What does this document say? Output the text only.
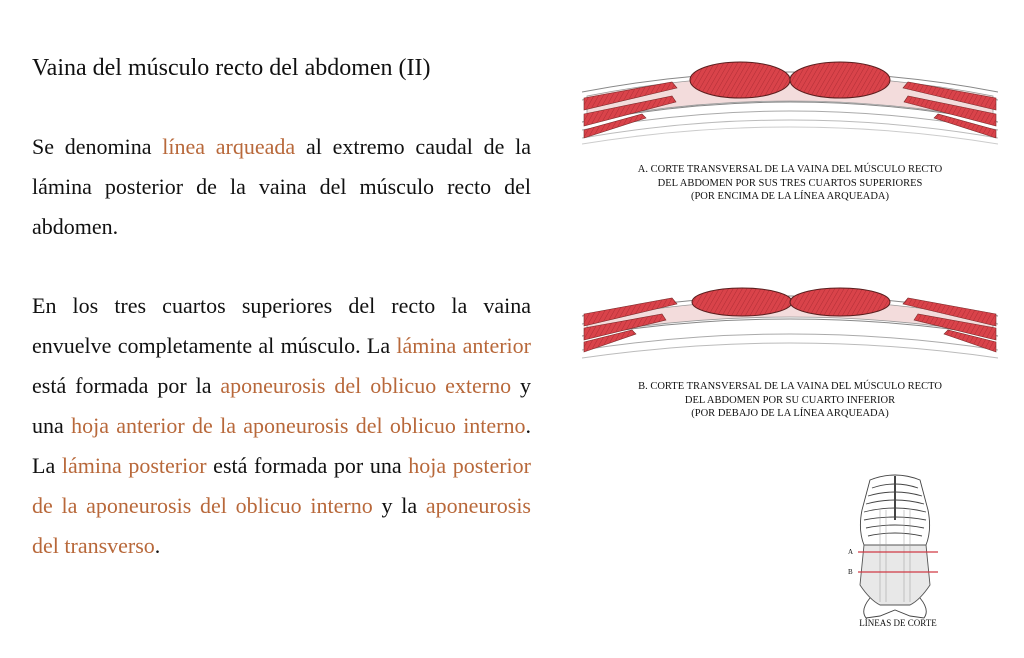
Vaina del músculo recto del abdomen (II)

Se denomina línea arqueada al extremo caudal de la lámina posterior de la vaina del músculo recto del abdomen.

En los tres cuartos superiores del recto la vaina envuelve completamente al músculo. La lámina anterior está formada por la aponeurosis del oblicuo externo y una hoja anterior de la aponeurosis del oblicuo interno. La lámina posterior está formada por una hoja posterior de la aponeurosis del oblicuo interno y la aponeurosis del transverso.

A. CORTE TRANSVERSAL DE LA VAINA DEL MÚSCULO RECTO
DEL ABDOMEN POR SUS TRES CUARTOS SUPERIORES
(POR ENCIMA DE LA LÍNEA ARQUEADA)
B. CORTE TRANSVERSAL DE LA VAINA DEL MÚSCULO RECTO
DEL ABDOMEN POR SU CUARTO INFERIOR
(POR DEBAJO DE LA LÍNEA ARQUEADA)
A
B
LÍNEAS DE CORTE
